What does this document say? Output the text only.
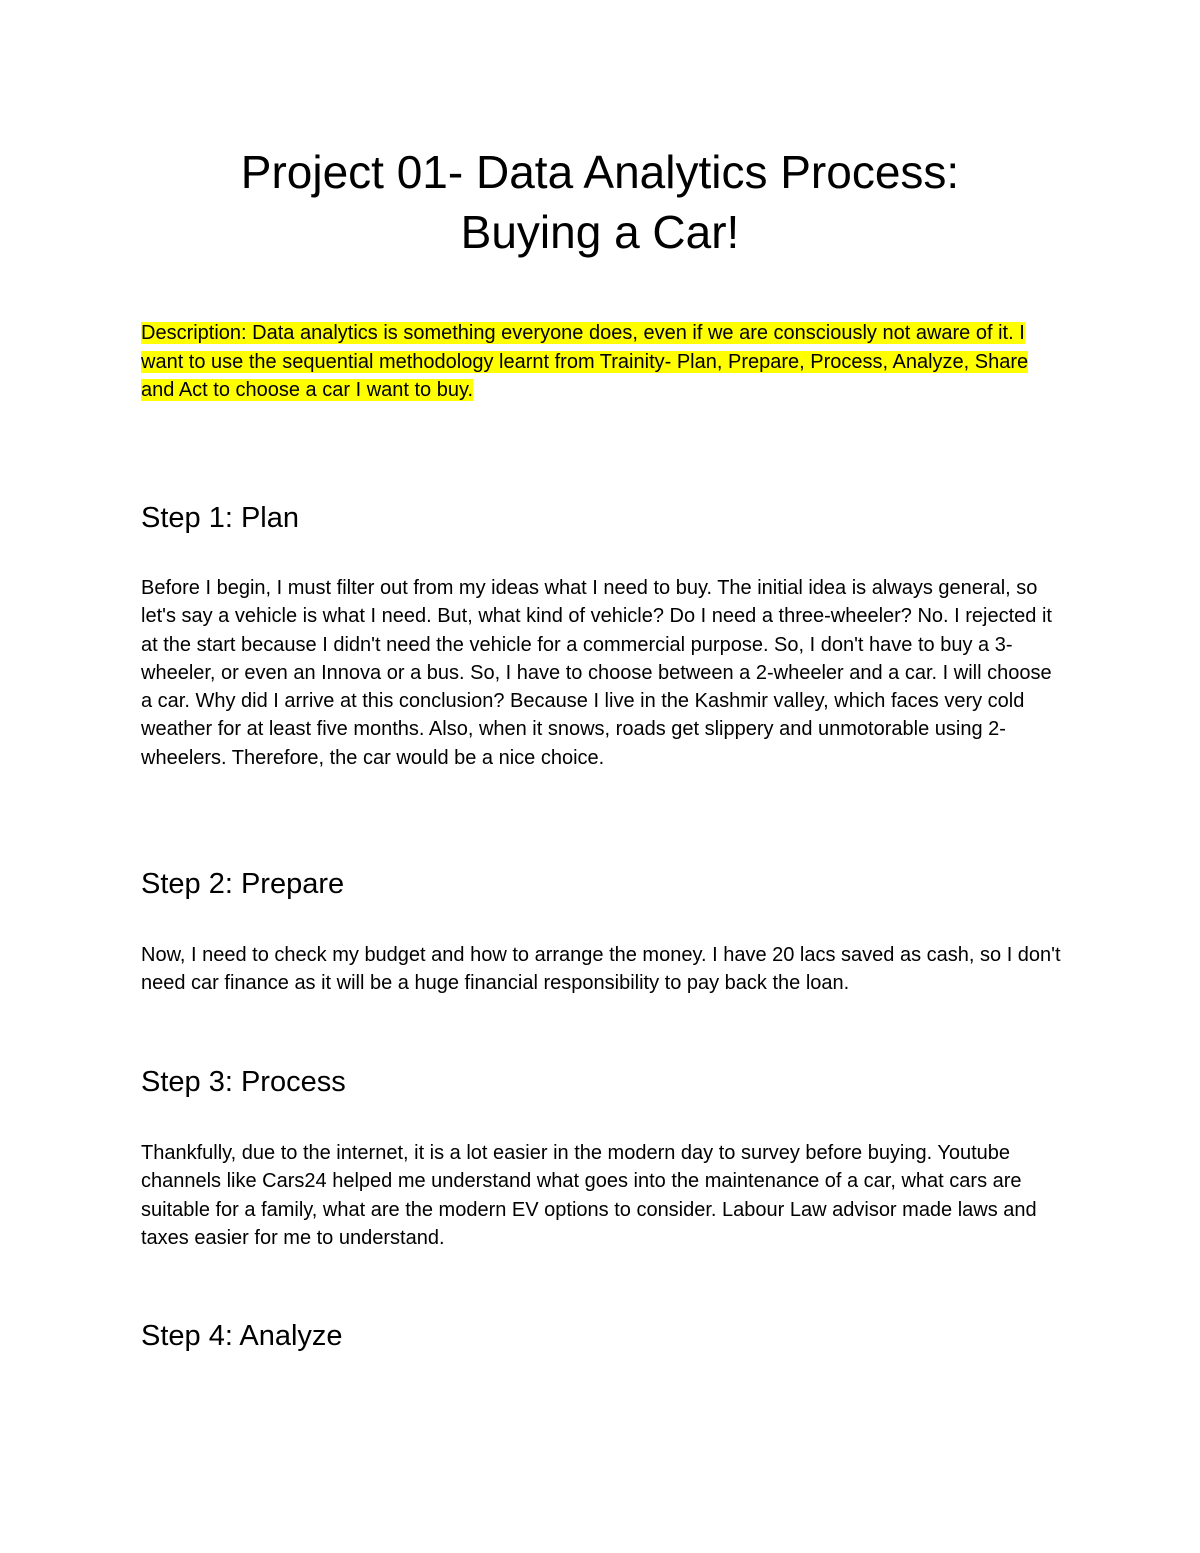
Project 01- Data Analytics Process:
Buying a Car!

Description: Data analytics is something everyone does, even if we are consciously not aware of it. I want to use the sequential methodology learnt from Trainity- Plan, Prepare, Process, Analyze, Share and Act to choose a car I want to buy.

Step 1: Plan

Before I begin, I must filter out from my ideas what I need to buy. The initial idea is always general, so let's say a vehicle is what I need. But, what kind of vehicle? Do I need a three-wheeler? No. I rejected it at the start because I didn't need the vehicle for a commercial purpose. So, I don't have to buy a 3-wheeler, or even an Innova or a bus. So, I have to choose between a 2-wheeler and a car. I will choose a car. Why did I arrive at this conclusion? Because I live in the Kashmir valley, which faces very cold weather for at least five months. Also, when it snows, roads get slippery and unmotorable using 2-wheelers. Therefore, the car would be a nice choice.

Step 2: Prepare

Now, I need to check my budget and how to arrange the money. I have 20 lacs saved as cash, so I don't need car finance as it will be a huge financial responsibility to pay back the loan.

Step 3: Process

Thankfully, due to the internet, it is a lot easier in the modern day to survey before buying. Youtube channels like Cars24 helped me understand what goes into the maintenance of a car, what cars are suitable for a family, what are the modern EV options to consider. Labour Law advisor made laws and taxes easier for me to understand.

Step 4: Analyze
